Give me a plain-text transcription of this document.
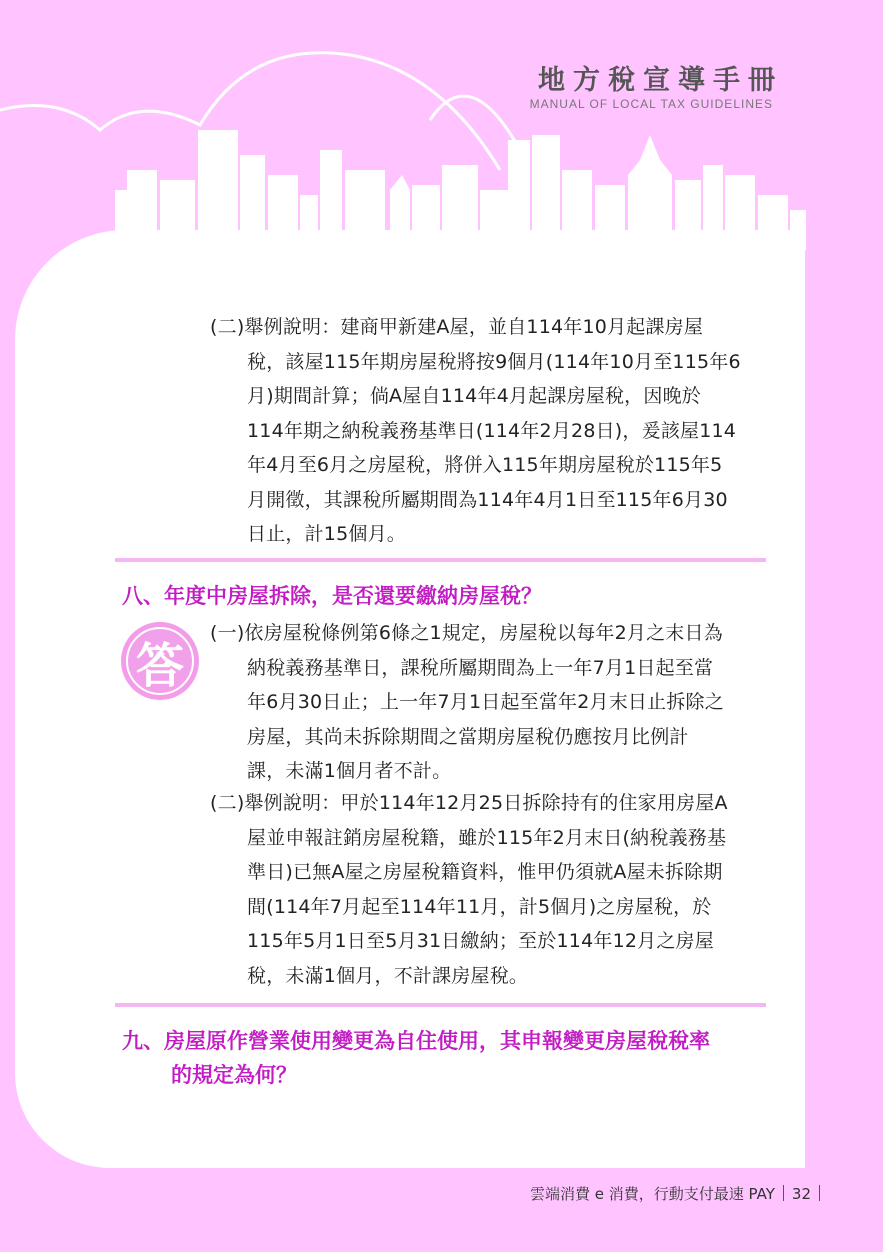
地方稅宣導手冊
MANUAL OF LOCAL TAX GUIDELINES
(二)舉例說明：建商甲新建A屋，並自114年10月起課房屋
稅，該屋115年期房屋稅將按9個月(114年10月至115年6
月)期間計算；倘A屋自114年4月起課房屋稅，因晚於
114年期之納稅義務基準日(114年2月28日)，爰該屋114
年4月至6月之房屋稅，將併入115年期房屋稅於115年5
月開徵，其課稅所屬期間為114年4月1日至115年6月30
日止，計15個月。
八、年度中房屋拆除，是否還要繳納房屋稅？
答
(一)依房屋稅條例第6條之1規定，房屋稅以每年2月之末日為
納稅義務基準日，課稅所屬期間為上一年7月1日起至當
年6月30日止；上一年7月1日起至當年2月末日止拆除之
房屋，其尚未拆除期間之當期房屋稅仍應按月比例計
課，未滿1個月者不計。
(二)舉例說明：甲於114年12月25日拆除持有的住家用房屋A
屋並申報註銷房屋稅籍，雖於115年2月末日(納稅義務基
準日)已無A屋之房屋稅籍資料，惟甲仍須就A屋未拆除期
間(114年7月起至114年11月，計5個月)之房屋稅，於
115年5月1日至5月31日繳納；至於114年12月之房屋
稅，未滿1個月，不計課房屋稅。
九、房屋原作營業使用變更為自住使用，其申報變更房屋稅稅率
的規定為何？
雲端消費 e 消費，行動支付最速 PAY 32
